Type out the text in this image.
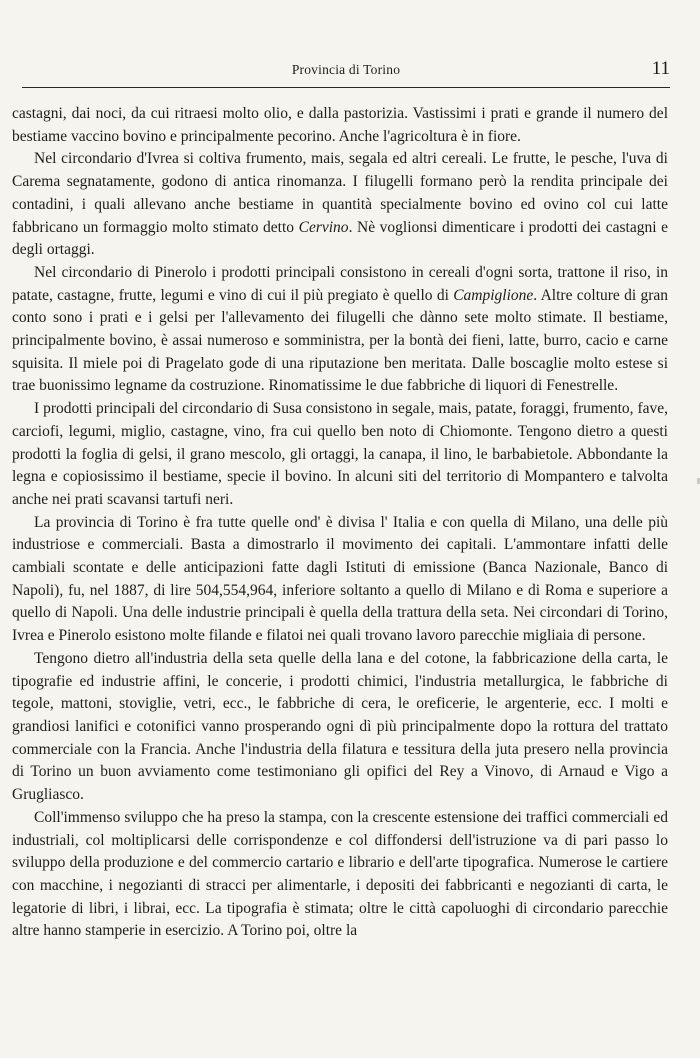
Provincia di Torino	11

castagni, dai noci, da cui ritraesi molto olio, e dalla pastorizia. Vastissimi i prati e grande il numero del bestiame vaccino bovino e principalmente pecorino. Anche l'agricoltura è in fiore.

Nel circondario d'Ivrea si coltiva frumento, mais, segala ed altri cereali. Le frutte, le pesche, l'uva di Carema segnatamente, godono di antica rinomanza. I filugelli formano però la rendita principale dei contadini, i quali allevano anche bestiame in quantità specialmente bovino ed ovino col cui latte fabbricano un formaggio molto stimato detto Cervino. Nè voglionsi dimenticare i prodotti dei castagni e degli ortaggi.

Nel circondario di Pinerolo i prodotti principali consistono in cereali d'ogni sorta, trattone il riso, in patate, castagne, frutte, legumi e vino di cui il più pregiato è quello di Campiglione. Altre colture di gran conto sono i prati e i gelsi per l'allevamento dei filugelli che dànno sete molto stimate. Il bestiame, principalmente bovino, è assai numeroso e somministra, per la bontà dei fieni, latte, burro, cacio e carne squisita. Il miele poi di Pragelato gode di una riputazione ben meritata. Dalle boscaglie molto estese si trae buonissimo legname da costruzione. Rinomatissime le due fabbriche di liquori di Fenestrelle.

I prodotti principali del circondario di Susa consistono in segale, mais, patate, foraggi, frumento, fave, carciofi, legumi, miglio, castagne, vino, fra cui quello ben noto di Chiomonte. Tengono dietro a questi prodotti la foglia di gelsi, il grano mescolo, gli ortaggi, la canapa, il lino, le barbabietole. Abbondante la legna e copiosissimo il bestiame, specie il bovino. In alcuni siti del territorio di Mompantero e talvolta anche nei prati scavansi tartufi neri.

La provincia di Torino è fra tutte quelle ond' è divisa l' Italia e con quella di Milano, una delle più industriose e commerciali. Basta a dimostrarlo il movimento dei capitali. L'ammontare infatti delle cambiali scontate e delle anticipazioni fatte dagli Istituti di emissione (Banca Nazionale, Banco di Napoli), fu, nel 1887, di lire 504,554,964, inferiore soltanto a quello di Milano e di Roma e superiore a quello di Napoli. Una delle industrie principali è quella della trattura della seta. Nei circondari di Torino, Ivrea e Pinerolo esistono molte filande e filatoi nei quali trovano lavoro parecchie migliaia di persone.

Tengono dietro all'industria della seta quelle della lana e del cotone, la fabbricazione della carta, le tipografie ed industrie affini, le concerie, i prodotti chimici, l'industria metallurgica, le fabbriche di tegole, mattoni, stoviglie, vetri, ecc., le fabbriche di cera, le oreficerie, le argenterie, ecc. I molti e grandiosi lanifici e cotonifici vanno prosperando ogni dì più principalmente dopo la rottura del trattato commerciale con la Francia. Anche l'industria della filatura e tessitura della juta presero nella provincia di Torino un buon avviamento come testimoniano gli opifici del Rey a Vinovo, di Arnaud e Vigo a Grugliasco.

Coll'immenso sviluppo che ha preso la stampa, con la crescente estensione dei traffici commerciali ed industriali, col moltiplicarsi delle corrispondenze e col diffondersi dell'istruzione va di pari passo lo sviluppo della produzione e del commercio cartario e librario e dell'arte tipografica. Numerose le cartiere con macchine, i negozianti di stracci per alimentarle, i depositi dei fabbricanti e negozianti di carta, le legatorie di libri, i librai, ecc. La tipografia è stimata; oltre le città capoluoghi di circondario parecchie altre hanno stamperie in esercizio. A Torino poi, oltre la
